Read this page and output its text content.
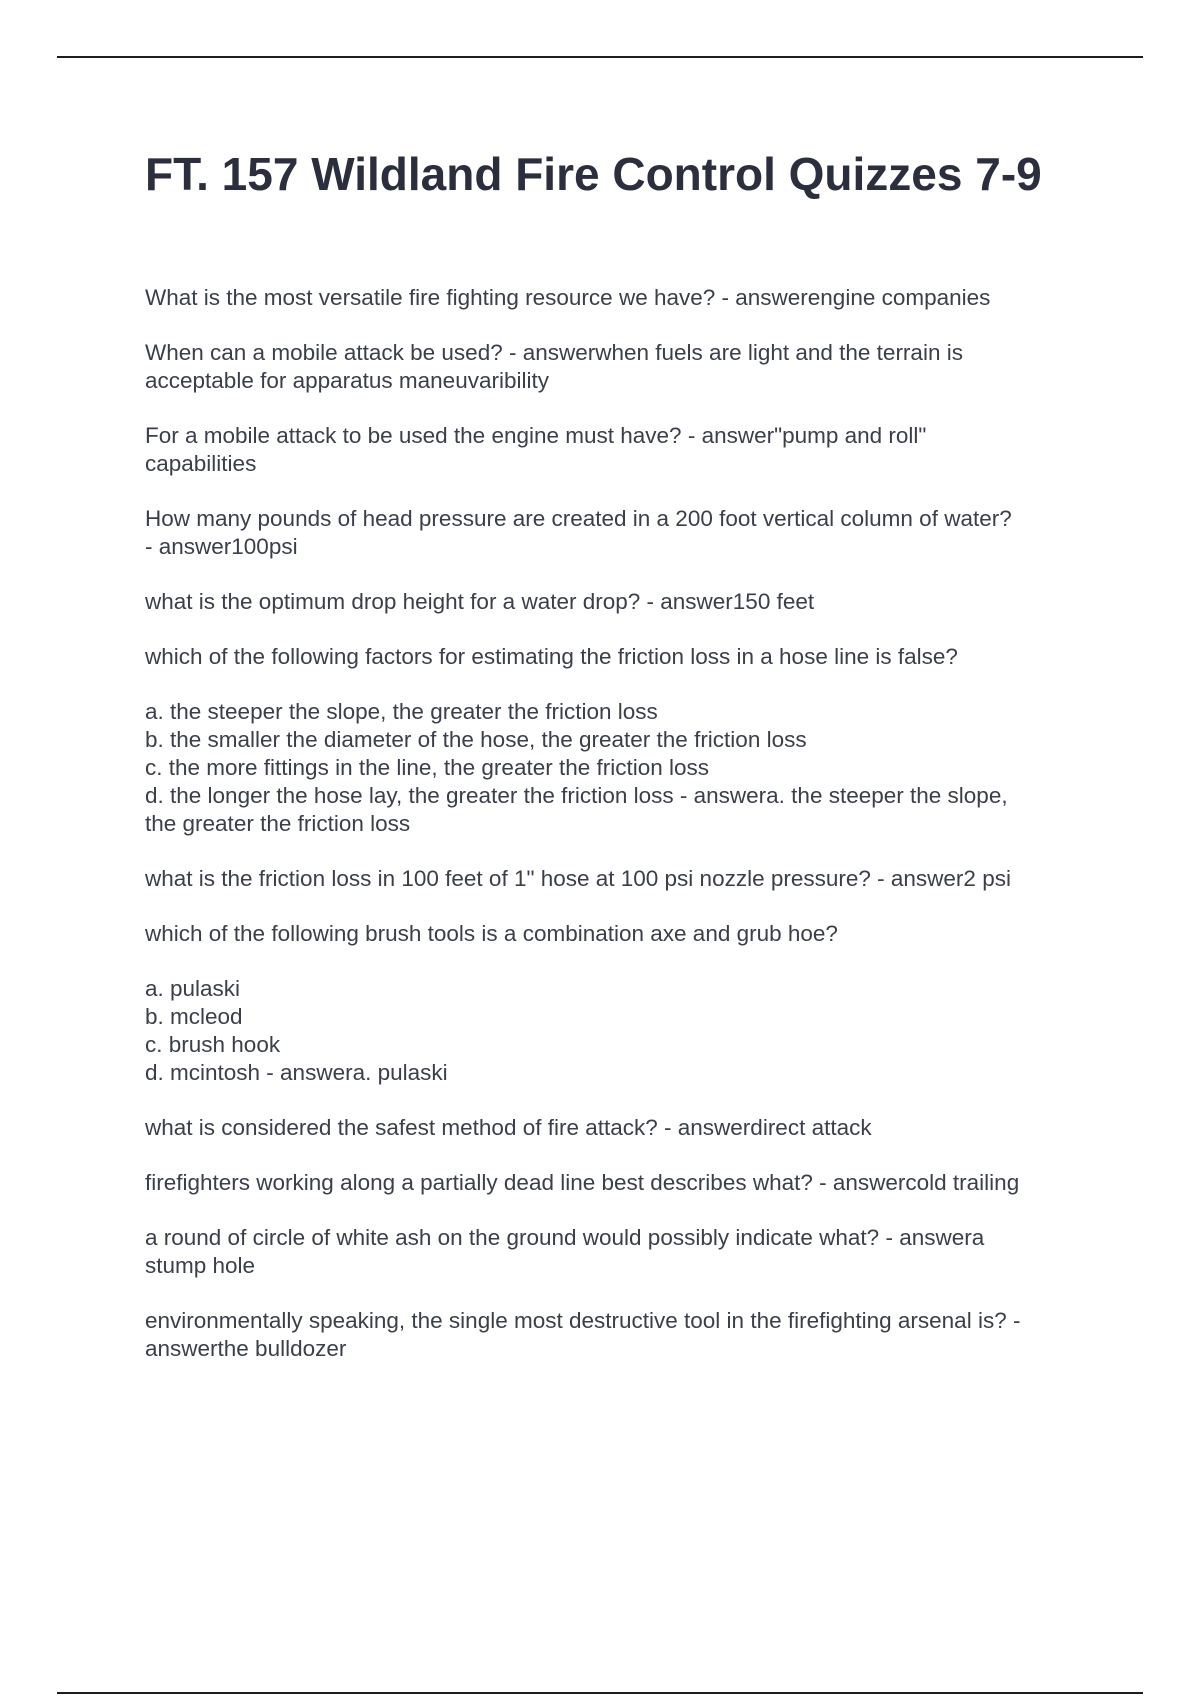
FT. 157 Wildland Fire Control Quizzes 7-9

What is the most versatile fire fighting resource we have? - answerengine companies

When can a mobile attack be used? - answerwhen fuels are light and the terrain is
acceptable for apparatus maneuvaribility

For a mobile attack to be used the engine must have? - answer"pump and roll"
capabilities

How many pounds of head pressure are created in a 200 foot vertical column of water?
- answer100psi

what is the optimum drop height for a water drop? - answer150 feet

which of the following factors for estimating the friction loss in a hose line is false?

a. the steeper the slope, the greater the friction loss
b. the smaller the diameter of the hose, the greater the friction loss
c. the more fittings in the line, the greater the friction loss
d. the longer the hose lay, the greater the friction loss - answera. the steeper the slope,
the greater the friction loss

what is the friction loss in 100 feet of 1" hose at 100 psi nozzle pressure? - answer2 psi

which of the following brush tools is a combination axe and grub hoe?

a. pulaski
b. mcleod
c. brush hook
d. mcintosh - answera. pulaski

what is considered the safest method of fire attack? - answerdirect attack

firefighters working along a partially dead line best describes what? - answercold trailing

a round of circle of white ash on the ground would possibly indicate what? - answera
stump hole

environmentally speaking, the single most destructive tool in the firefighting arsenal is? -
answerthe bulldozer
